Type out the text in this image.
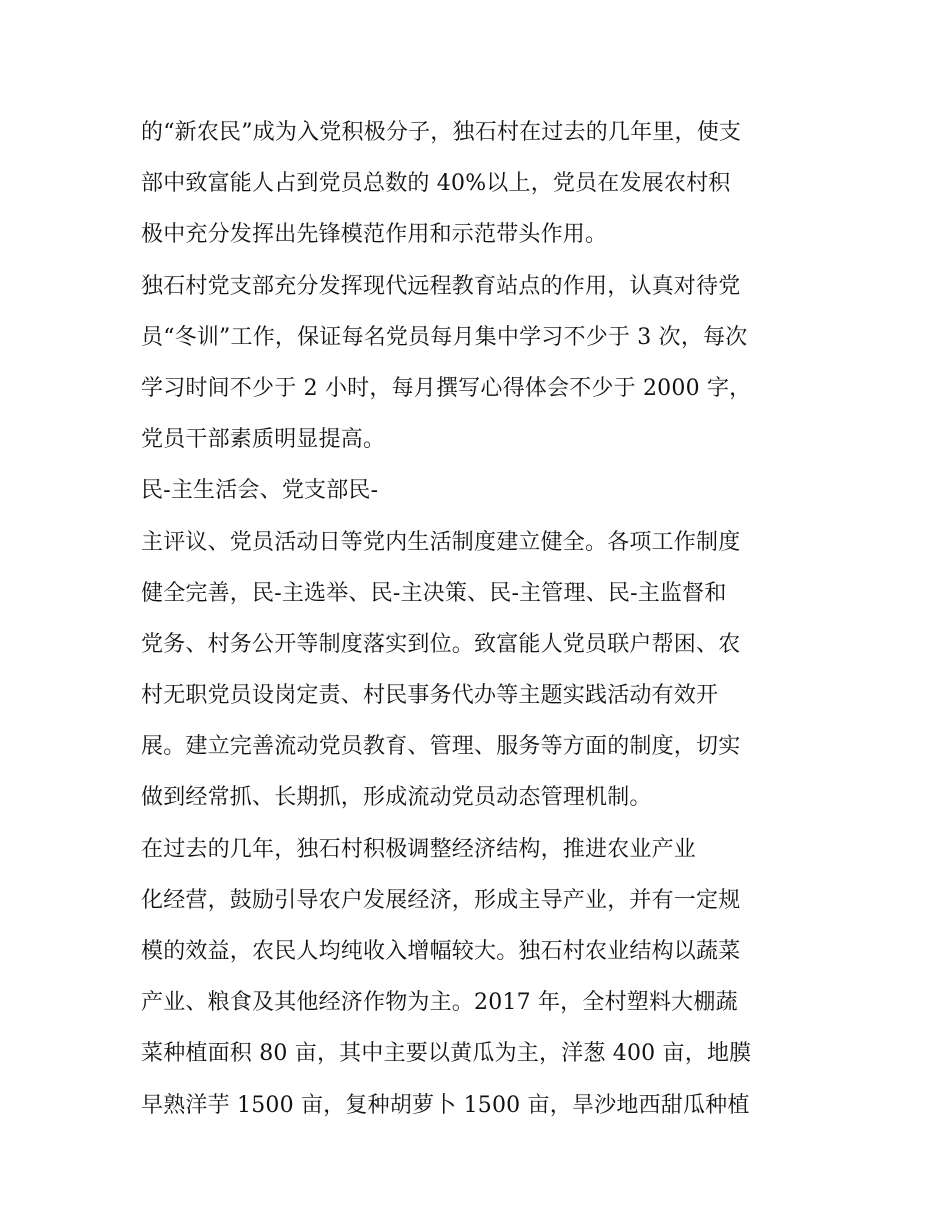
的“新农民”成为入党积极分子，独石村在过去的几年里，使支
部中致富能人占到党员总数的 40%以上，党员在发展农村积
极中充分发挥出先锋模范作用和示范带头作用。
独石村党支部充分发挥现代远程教育站点的作用，认真对待党
员“冬训”工作，保证每名党员每月集中学习不少于 3 次，每次
学习时间不少于 2 小时，每月撰写心得体会不少于 2000 字，
党员干部素质明显提高。
民-主生活会、党支部民-
主评议、党员活动日等党内生活制度建立健全。各项工作制度
健全完善，民-主选举、民-主决策、民-主管理、民-主监督和
党务、村务公开等制度落实到位。致富能人党员联户帮困、农
村无职党员设岗定责、村民事务代办等主题实践活动有效开
展。建立完善流动党员教育、管理、服务等方面的制度，切实
做到经常抓、长期抓，形成流动党员动态管理机制。
在过去的几年，独石村积极调整经济结构，推进农业产业
化经营，鼓励引导农户发展经济，形成主导产业，并有一定规
模的效益，农民人均纯收入增幅较大。独石村农业结构以蔬菜
产业、粮食及其他经济作物为主。2017 年，全村塑料大棚蔬
菜种植面积 80 亩，其中主要以黄瓜为主，洋葱 400 亩，地膜
早熟洋芋 1500 亩，复种胡萝卜 1500 亩，旱沙地西甜瓜种植
